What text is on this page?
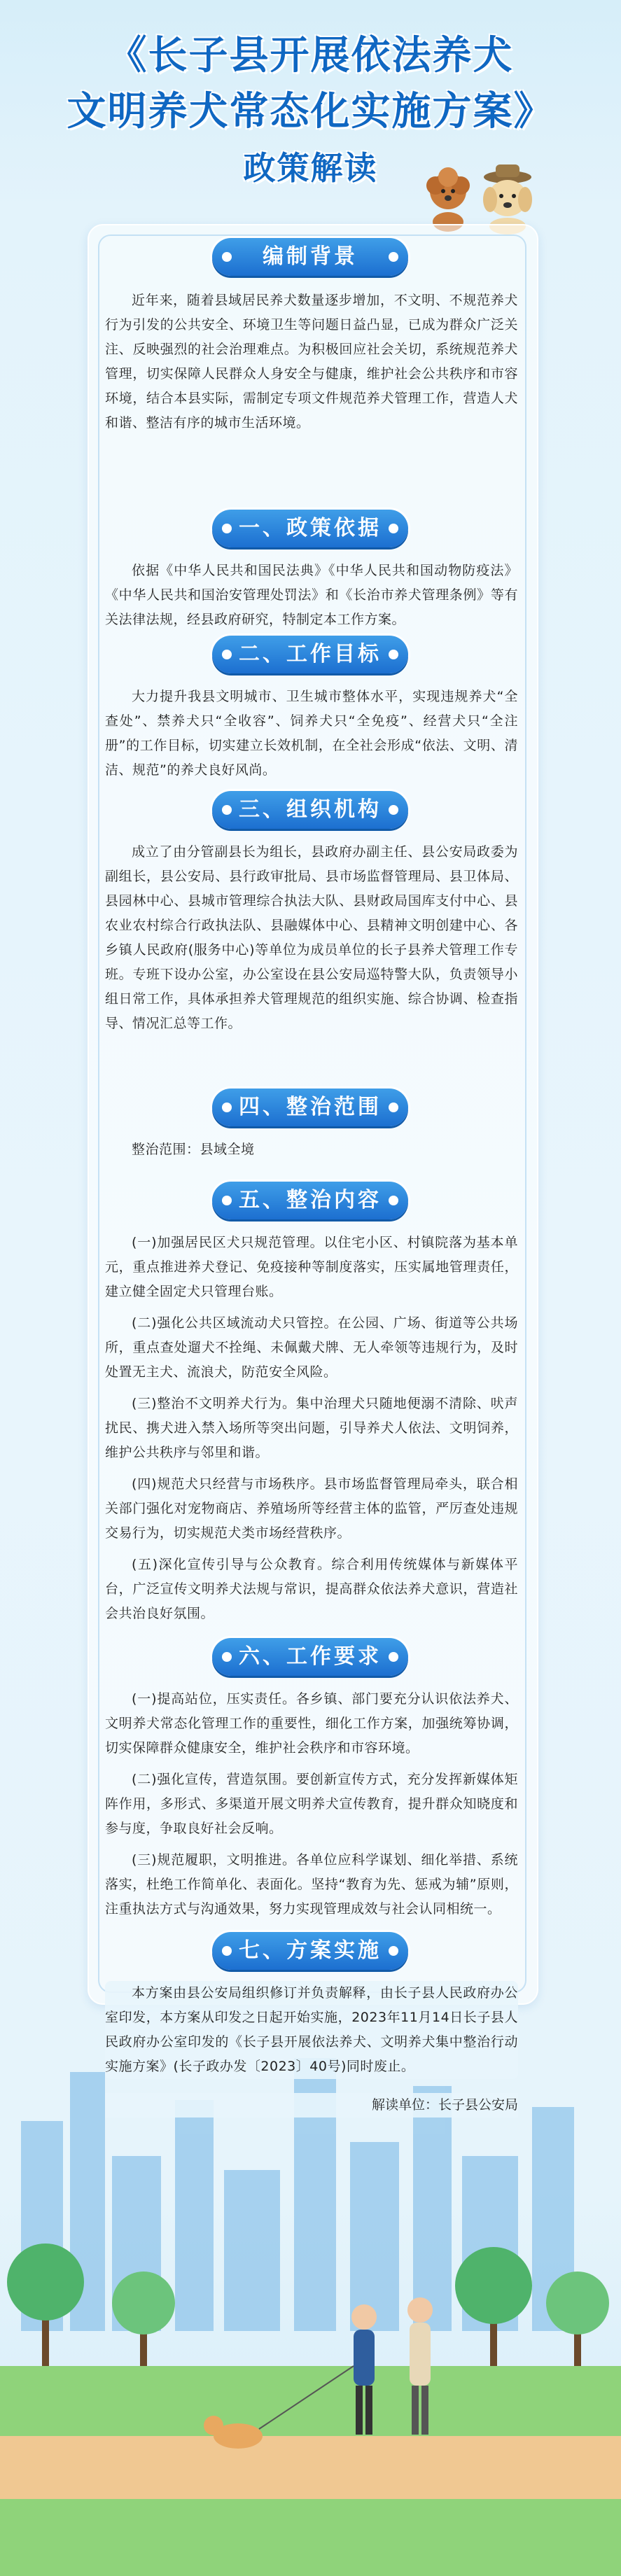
《长子县开展依法养犬
文明养犬常态化实施方案》
政策解读
编制背景
近年来，随着县域居民养犬数量逐步增加，不文明、不规范养犬行为引发的公共安全、环境卫生等问题日益凸显，已成为群众广泛关注、反映强烈的社会治理难点。为积极回应社会关切，系统规范养犬管理，切实保障人民群众人身安全与健康，维护社会公共秩序和市容环境，结合本县实际，需制定专项文件规范养犬管理工作，营造人犬和谐、整洁有序的城市生活环境。
一、政策依据
依据《中华人民共和国民法典》《中华人民共和国动物防疫法》《中华人民共和国治安管理处罚法》和《长治市养犬管理条例》等有关法律法规，经县政府研究，特制定本工作方案。
二、工作目标
大力提升我县文明城市、卫生城市整体水平，实现违规养犬“全查处”、禁养犬只“全收容”、饲养犬只“全免疫”、经营犬只“全注册”的工作目标，切实建立长效机制，在全社会形成“依法、文明、清洁、规范”的养犬良好风尚。
三、组织机构
成立了由分管副县长为组长，县政府办副主任、县公安局政委为副组长，县公安局、县行政审批局、县市场监督管理局、县卫体局、县园林中心、县城市管理综合执法大队、县财政局国库支付中心、县农业农村综合行政执法队、县融媒体中心、县精神文明创建中心、各乡镇人民政府(服务中心)等单位为成员单位的长子县养犬管理工作专班。专班下设办公室，办公室设在县公安局巡特警大队，负责领导小组日常工作，具体承担养犬管理规范的组织实施、综合协调、检查指导、情况汇总等工作。
四、整治范围
整治范围：县域全境
五、整治内容
(一)加强居民区犬只规范管理。以住宅小区、村镇院落为基本单元，重点推进养犬登记、免疫接种等制度落实，压实属地管理责任，建立健全固定犬只管理台账。
(二)强化公共区域流动犬只管控。在公园、广场、街道等公共场所，重点查处遛犬不拴绳、未佩戴犬牌、无人牵领等违规行为，及时处置无主犬、流浪犬，防范安全风险。
(三)整治不文明养犬行为。集中治理犬只随地便溺不清除、吠声扰民、携犬进入禁入场所等突出问题，引导养犬人依法、文明饲养，维护公共秩序与邻里和谐。
(四)规范犬只经营与市场秩序。县市场监督管理局牵头，联合相关部门强化对宠物商店、养殖场所等经营主体的监管，严厉查处违规交易行为，切实规范犬类市场经营秩序。
(五)深化宣传引导与公众教育。综合利用传统媒体与新媒体平台，广泛宣传文明养犬法规与常识，提高群众依法养犬意识，营造社会共治良好氛围。
六、工作要求
(一)提高站位，压实责任。各乡镇、部门要充分认识依法养犬、文明养犬常态化管理工作的重要性，细化工作方案，加强统筹协调，切实保障群众健康安全，维护社会秩序和市容环境。
(二)强化宣传，营造氛围。要创新宣传方式，充分发挥新媒体矩阵作用，多形式、多渠道开展文明养犬宣传教育，提升群众知晓度和参与度，争取良好社会反响。
(三)规范履职，文明推进。各单位应科学谋划、细化举措、系统落实，杜绝工作简单化、表面化。坚持“教育为先、惩戒为辅”原则，注重执法方式与沟通效果，努力实现管理成效与社会认同相统一。
七、方案实施
本方案由县公安局组织修订并负责解释，由长子县人民政府办公室印发，本方案从印发之日起开始实施，2023年11月14日长子县人民政府办公室印发的《长子县开展依法养犬、文明养犬集中整治行动实施方案》(长子政办发〔2023〕40号)同时废止。
解读单位：长子县公安局
